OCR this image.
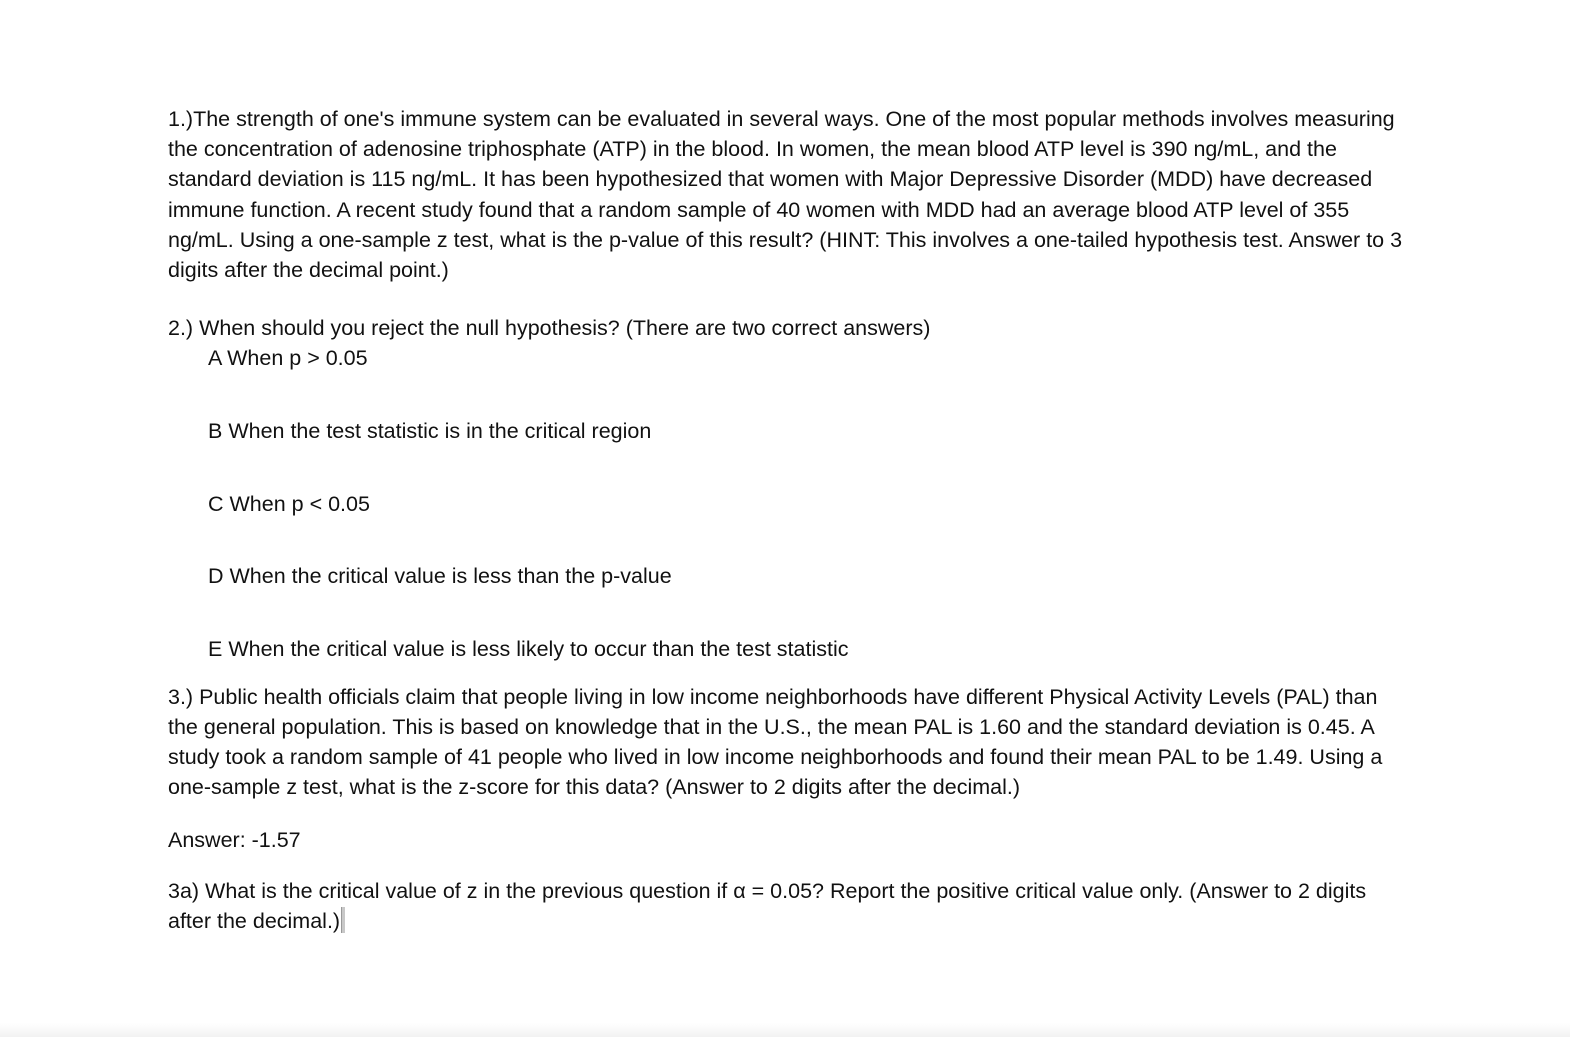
1.)The strength of one's immune system can be evaluated in several ways. One of the most popular methods involves measuring the concentration of adenosine triphosphate (ATP) in the blood. In women, the mean blood ATP level is 390 ng/mL, and the standard deviation is 115 ng/mL. It has been hypothesized that women with Major Depressive Disorder (MDD) have decreased immune function. A recent study found that a random sample of 40 women with MDD had an average blood ATP level of 355 ng/mL. Using a one-sample z test, what is the p-value of this result? (HINT: This involves a one-tailed hypothesis test. Answer to 3 digits after the decimal point.)

2.) When should you reject the null hypothesis? (There are two correct answers)

A When p > 0.05

B When the test statistic is in the critical region

C When p < 0.05

D When the critical value is less than the p-value

E When the critical value is less likely to occur than the test statistic

3.) Public health officials claim that people living in low income neighborhoods have different Physical Activity Levels (PAL) than the general population. This is based on knowledge that in the U.S., the mean PAL is 1.60 and the standard deviation is 0.45. A study took a random sample of 41 people who lived in low income neighborhoods and found their mean PAL to be 1.49. Using a one-sample z test, what is the z-score for this data? (Answer to 2 digits after the decimal.)

Answer: -1.57

3a) What is the critical value of z in the previous question if α = 0.05? Report the positive critical value only. (Answer to 2 digits after the decimal.)
